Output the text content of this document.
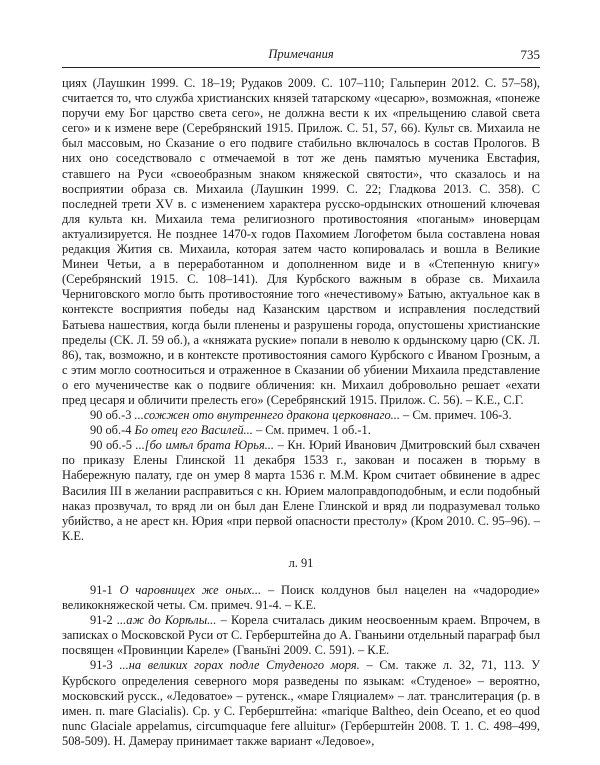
Примечания	735

циях (Лаушкин 1999. С. 18–19; Рудаков 2009. С. 107–110; Гальперин 2012. С. 57–58), считается то, что служба христианских князей татарскому «цесарю», возможная, «понеже поручи ему Бог царство света сего», не должна вести к их «прельщению славой света сего» и к измене вере (Серебрянский 1915. Прилож. С. 51, 57, 66). Культ св. Михаила не был массовым, но Сказание о его подвиге стабильно включалось в состав Прологов. В них оно соседствовало с отмечаемой в тот же день памятью мученика Евстафия, ставшего на Руси «своеобразным знаком княжеской святости», что сказалось и на восприятии образа св. Михаила (Лаушкин 1999. С. 22; Гладкова 2013. С. 358). С последней трети XV в. с изменением характера русско-ордынских отношений ключевая для культа кн. Михаила тема религиозного противостояния «поганым» иноверцам актуализируется. Не позднее 1470-х годов Пахомием Логофетом была составлена новая редакция Жития св. Михаила, которая затем часто копировалась и вошла в Великие Минеи Четьи, а в переработанном и дополненном виде и в «Степенную книгу» (Серебрянский 1915. С. 108–141). Для Курбского важным в образе св. Михаила Черниговского могло быть противостояние того «нечестивому» Батыю, актуальное как в контексте восприятия победы над Казанским царством и исправления последствий Батыева нашествия, когда были пленены и разрушены города, опустошены христианские пределы (СК. Л. 59 об.), а «княжата рускиe» попали в неволю к ордынскому царю (СК. Л. 86), так, возможно, и в контексте противостояния самого Курбского с Иваном Грозным, а с этим могло соотноситься и отраженное в Сказании об убиении Михаила представление о его мученичестве как о подвиге обличения: кн. Михаил добровольно решает «ехати пред цесаря и обличити прелесть его» (Серебрянский 1915. Прилож. С. 56). – К.Е., С.Г.

90 об.-3 ...сожжен ото внутреннего дракона церковнаго... – См. примеч. 106-3.

90 об.-4 Бо отец его Василей... – См. примеч. 1 об.-1.

90 об.-5 ...[бо имѣл брата Юрья... – Кн. Юрий Иванович Дмитровский был схвачен по приказу Елены Глинской 11 декабря 1533 г., закован и посажен в тюрьму в Набережную палату, где он умер 8 марта 1536 г. М.М. Кром считает обвинение в адрес Василия III в желании расправиться с кн. Юрием малоправдоподобным, и если подобный наказ прозвучал, то вряд ли он был дан Елене Глинской и вряд ли подразумевал только убийство, а не арест кн. Юрия «при первой опасности престолу» (Кром 2010. С. 95–96). – К.Е.

л. 91

91-1 О чаровницех же оных... – Поиск колдунов был нацелен на «чадородие» великокняжеской четы. См. примеч. 91-4. – К.Е.

91-2 ...аж до Корѣлы... – Корела считалась диким неосвоенным краем. Впрочем, в записках о Московской Руси от С. Герберштейна до А. Гваньини отдельный параграф был посвящен «Провинции Кареле» (Гваньїні 2009. С. 591). – К.Е.

91-3 ...на великих горах подле Студеного моря. – См. также л. 32, 71, 113. У Курбского определения северного моря разведены по языкам: «Студеное» – вероятно, московский русск., «Ледоватое» – рутенск., «маре Гляциалем» – лат. транслитерация (р. в имен. п. mare Glacialis). Ср. у С. Герберштейна: «marique Baltheo, dein Oceano, et eo quod nunc Glaciale appelamus, circumquaque fere alluitur» (Герберштейн 2008. Т. 1. С. 498–499, 508-509). Н. Дамерау принимает также вариант «Ледовое»,
